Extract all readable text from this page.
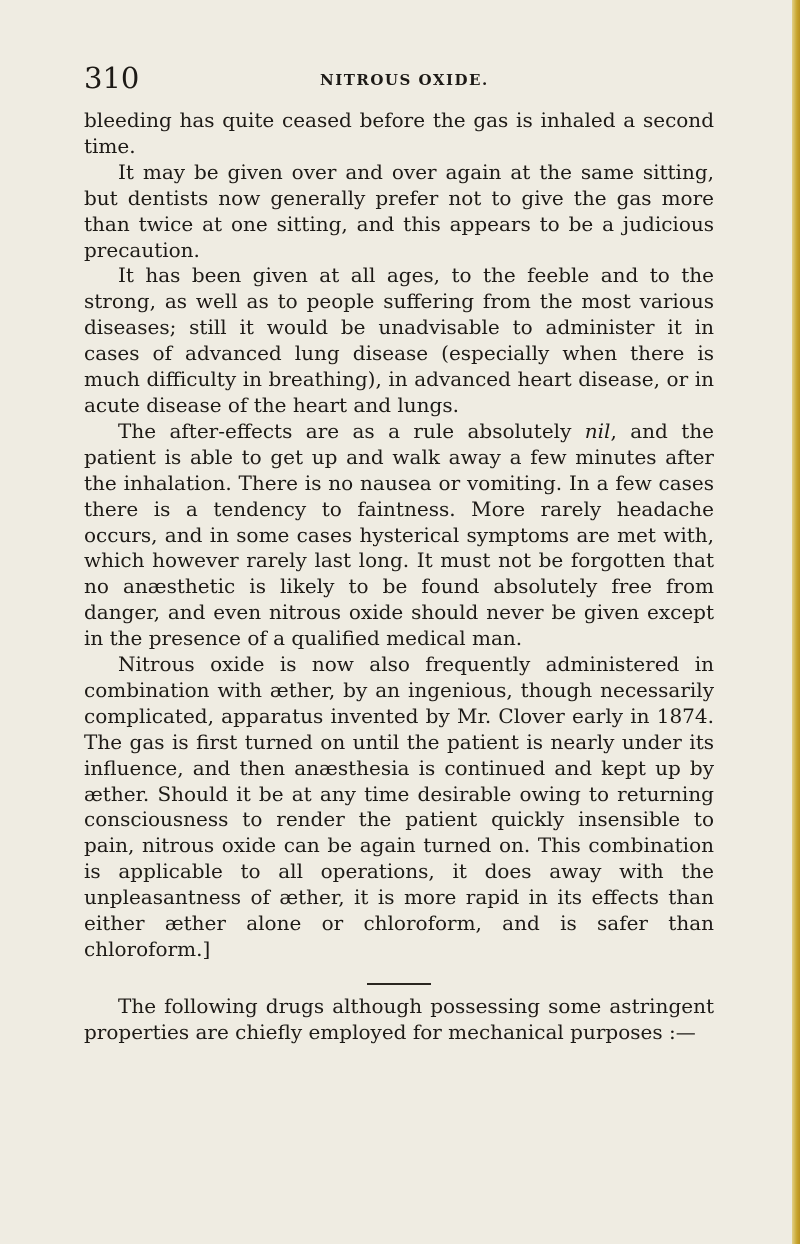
310	NITROUS OXIDE.

bleeding has quite ceased before the gas is inhaled a second time.

It may be given over and over again at the same sitting, but dentists now generally prefer not to give the gas more than twice at one sitting, and this appears to be a judicious precaution.

It has been given at all ages, to the feeble and to the strong, as well as to people suffering from the most various diseases; still it would be unadvisable to administer it in cases of advanced lung disease (especially when there is much difficulty in breathing), in advanced heart disease, or in acute disease of the heart and lungs.

The after-effects are as a rule absolutely nil, and the patient is able to get up and walk away a few minutes after the inhalation. There is no nausea or vomiting. In a few cases there is a tendency to faintness. More rarely headache occurs, and in some cases hysterical symptoms are met with, which however rarely last long. It must not be forgotten that no anæsthetic is likely to be found absolutely free from danger, and even nitrous oxide should never be given except in the presence of a qualified medical man.

Nitrous oxide is now also frequently administered in combination with æther, by an ingenious, though necessarily complicated, apparatus invented by Mr. Clover early in 1874. The gas is first turned on until the patient is nearly under its influence, and then anæsthesia is continued and kept up by æther. Should it be at any time desirable owing to returning consciousness to render the patient quickly insensible to pain, nitrous oxide can be again turned on. This combination is applicable to all operations, it does away with the unpleasantness of æther, it is more rapid in its effects than either æther alone or chloroform, and is safer than chloroform.]

The following drugs although possessing some astringent properties are chiefly employed for mechanical purposes :—
